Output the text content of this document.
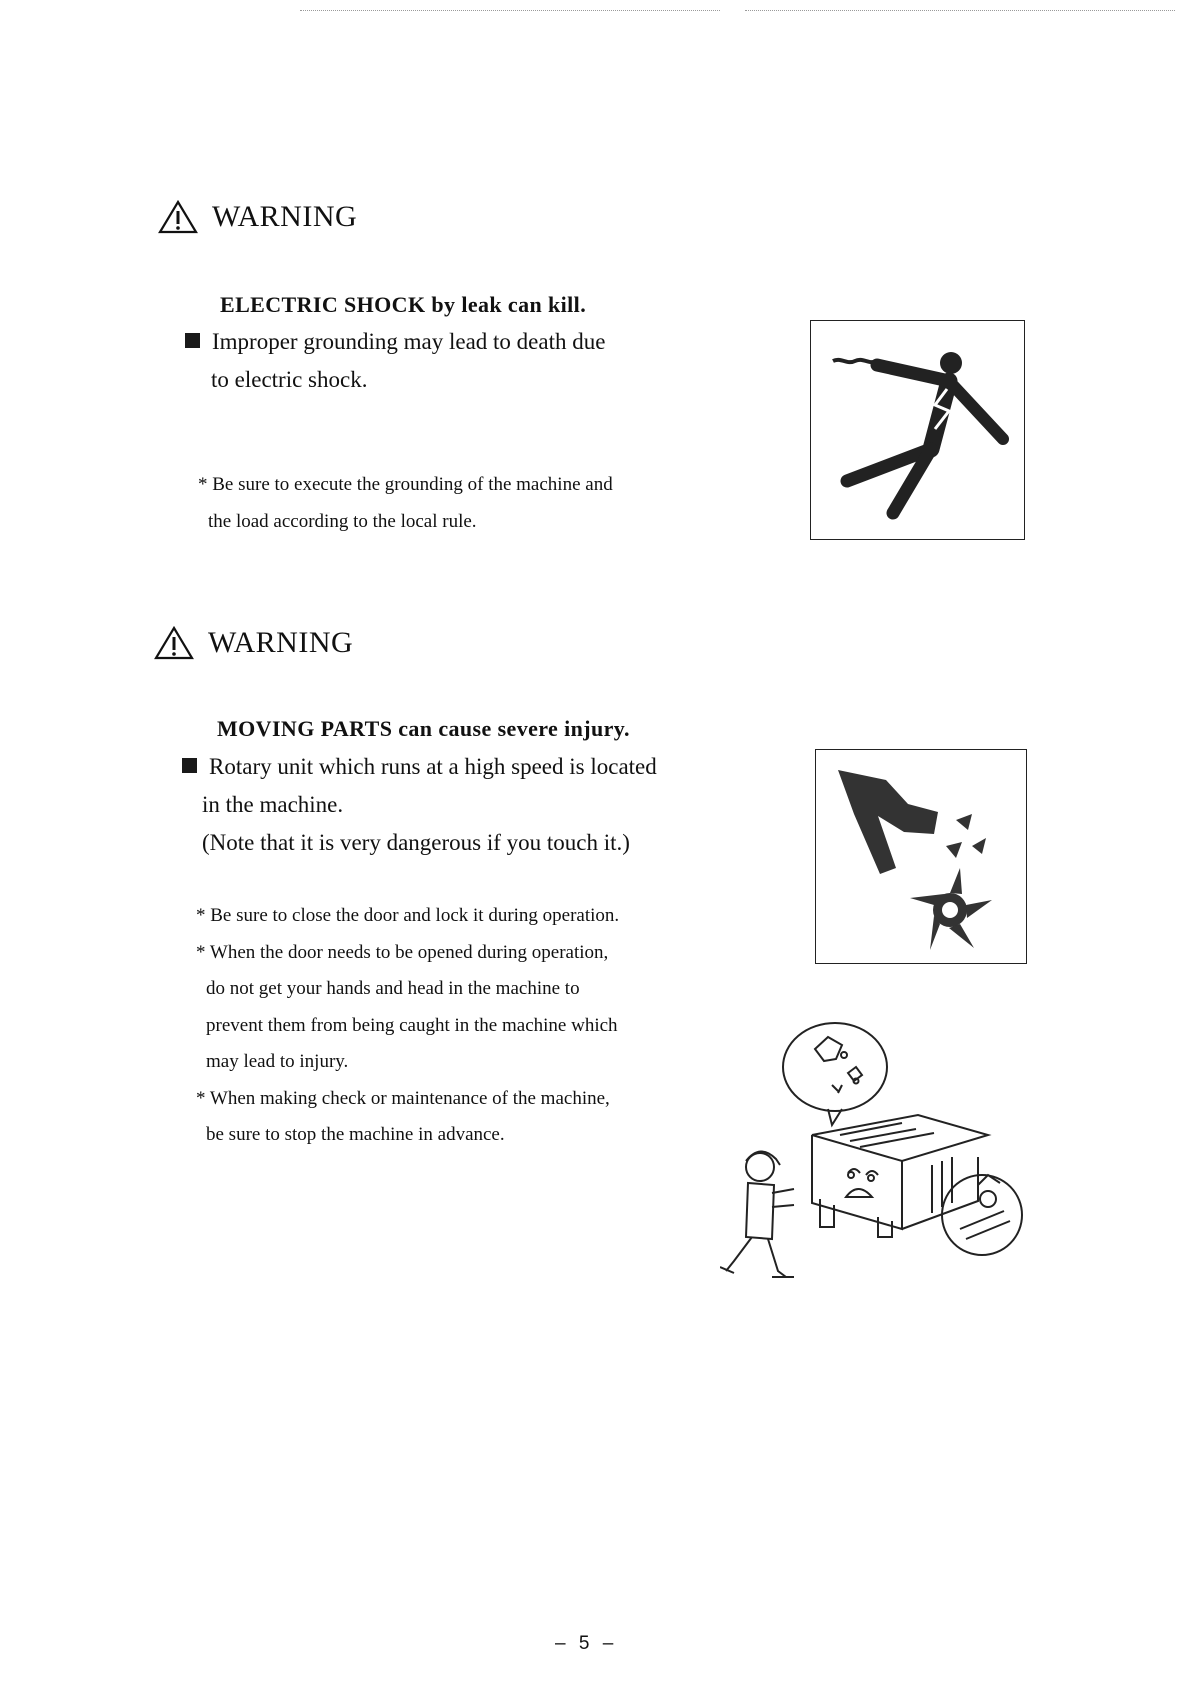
WARNING
ELECTRIC SHOCK by leak can kill.
Improper grounding may lead to death due
to electric shock.
* Be sure to execute the grounding of the machine and
the load according to the local rule.
WARNING
MOVING PARTS can cause severe injury.
Rotary unit which runs at a high speed is located
in the machine.
(Note that it is very dangerous if you touch it.)
* Be sure to close the door and lock it during operation.
* When the door needs to be opened during operation,
do not get your hands and head in the machine to
prevent them from being caught in the machine which
may lead to injury.
* When making check or maintenance of the machine,
be sure to stop the machine in advance.
– 5 –
